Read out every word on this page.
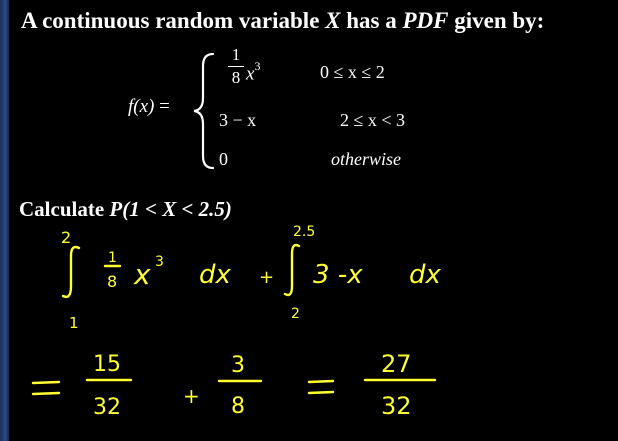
A continuous random variable X has a PDF given by:
f(x) =
1
8 $x^3$	0 ≤ x ≤ 2
3 − x	2 ≤ x < 3
0	otherwise
Calculate P(1 < X < 2.5)
2
1
1
8 x 3 dx +
2.5
2
3 -x dx
15
32	+
3
8
27
32
